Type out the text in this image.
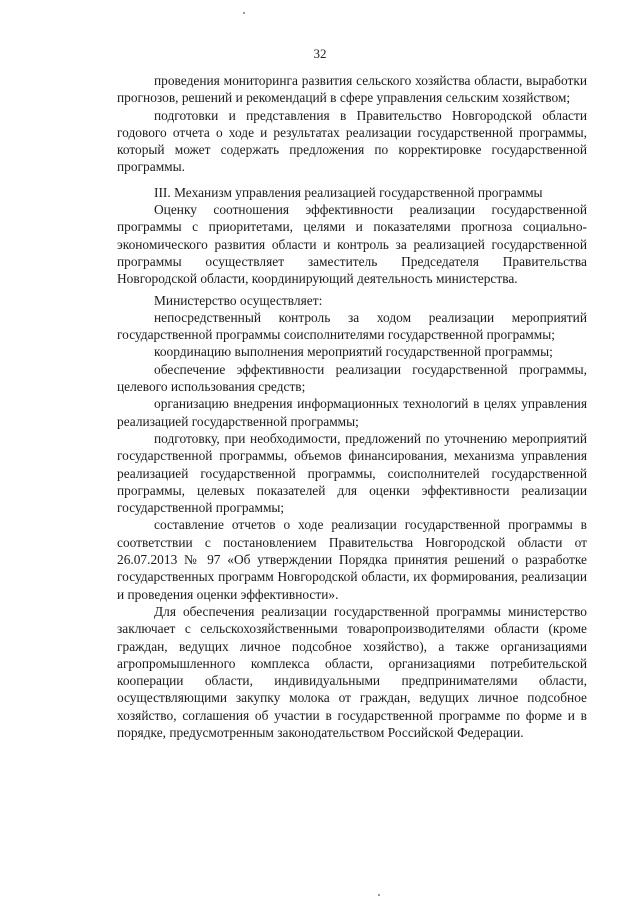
32

проведения мониторинга развития сельского хозяйства области, выработки прогнозов, решений и рекомендаций в сфере управления сельским хозяйством;

подготовки и представления в Правительство Новгородской области годового отчета о ходе и результатах реализации государственной программы, который может содержать предложения по корректировке государственной программы.

III. Механизм управления реализацией государственной программы

Оценку соотношения эффективности реализации государственной программы с приоритетами, целями и показателями прогноза социально-экономического развития области и контроль за реализацией государственной программы осуществляет заместитель Председателя Правительства Новгородской области, координирующий деятельность министерства.

Министерство осуществляет:

непосредственный контроль за ходом реализации мероприятий государственной программы соисполнителями государственной программы;

координацию выполнения мероприятий государственной программы;

обеспечение эффективности реализации государственной программы, целевого использования средств;

организацию внедрения информационных технологий в целях управления реализацией государственной программы;

подготовку, при необходимости, предложений по уточнению мероприятий государственной программы, объемов финансирования, механизма управления реализацией государственной программы, соисполнителей государственной программы, целевых показателей для оценки эффективности реализации государственной программы;

составление отчетов о ходе реализации государственной программы в соответствии с постановлением Правительства Новгородской области от 26.07.2013 № 97 «Об утверждении Порядка принятия решений о разработке государственных программ Новгородской области, их формирования, реализации и проведения оценки эффективности».

Для обеспечения реализации государственной программы министерство заключает с сельскохозяйственными товаропроизводителями области (кроме граждан, ведущих личное подсобное хозяйство), а также организациями агропромышленного комплекса области, организациями потребительской кооперации области, индивидуальными предпринимателями области, осуществляющими закупку молока от граждан, ведущих личное подсобное хозяйство, соглашения об участии в государственной программе по форме и в порядке, предусмотренным законодательством Российской Федерации.
